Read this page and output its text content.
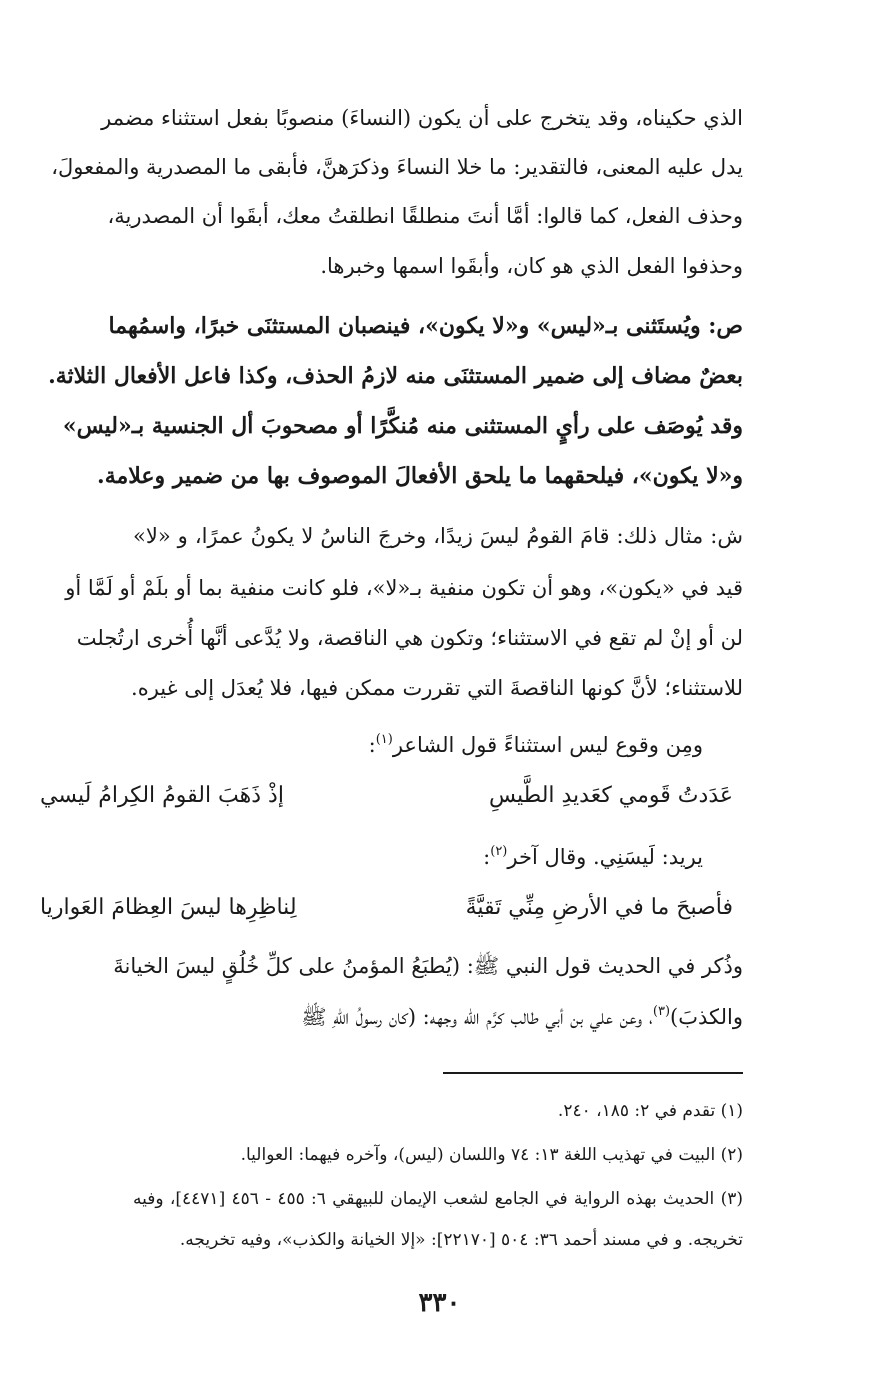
الذي حكيناه، وقد يتخرج على أن يكون (النساءَ) منصوبًا بفعل استثناء مضمر
يدل عليه المعنى، فالتقدير: ما خلا النساءَ وذكرَهنَّ، فأبقى ما المصدرية والمفعولَ،
وحذف الفعل، كما قالوا: أمَّا أنتَ منطلقًا انطلقتُ معك، أبقَوا أن المصدرية،
وحذفوا الفعل الذي هو كان، وأبقَوا اسمها وخبرها.
ص: ويُستَثنى بـ«ليس» و«لا يكون»، فينصبان المستثنَى خبرًا، واسمُهما
بعضٌ مضاف إلى ضمير المستثنَى منه لازمُ الحذف، وكذا فاعل الأفعال الثلاثة.
وقد يُوصَف على رأيٍ المستثنى منه مُنكَّرًا أو مصحوبَ أل الجنسية بـ«ليس»
و«لا يكون»، فيلحقهما ما يلحق الأفعالَ الموصوف بها من ضمير وعلامة.
ش: مثال ذلك: قامَ القومُ ليسَ زيدًا، وخرجَ الناسُ لا يكونُ عمرًا، و «لا»
قيد في «يكون»، وهو أن تكون منفية بـ«لا»، فلو كانت منفية بما أو بلَمْ أو لَمَّا أو
لن أو إنْ لم تقع في الاستثناء؛ وتكون هي الناقصة، ولا يُدَّعى أنَّها أُخرى ارتُجلت
للاستثناء؛ لأنَّ كونها الناقصةَ التي تقررت ممكن فيها، فلا يُعدَل إلى غيره.
ومِن وقوع ليس استثناءً قول الشاعر$^{(١)}$:
عَدَدتُ قَومي كعَديدِ الطَّيسِ
إذْ ذَهَبَ القومُ الكِرامُ لَيسي
يريد: لَيسَنِي. وقال آخر$^{(٢)}$:
فأصبحَ ما في الأرضِ مِنِّي تَقيَّةً
لِناظِرِها ليسَ العِظامَ العَواريا
وذُكر في الحديث قول النبي ﷺ: (يُطبَعُ المؤمنُ على كلِّ خُلُقٍ ليسَ الخيانةَ
والكذبَ)$^{(٣)}$، وعن علي بن أبي طالب كرَّم الله وجهه: (كان رسولُ اللهِ ﷺ
(١) تقدم في ٢: ١٨٥، ٢٤٠.
(٢) البيت في تهذيب اللغة ١٣: ٧٤ واللسان (ليس)، وآخره فيهما: العواليا.
(٣) الحديث بهذه الرواية في الجامع لشعب الإيمان للبيهقي ٦: ٤٥٥ - ٤٥٦ [٤٤٧١]، وفيه
تخريجه. و في مسند أحمد ٣٦: ٥٠٤ [٢٢١٧٠]: «إلا الخيانة والكذب»، وفيه تخريجه.
٣٣٠
